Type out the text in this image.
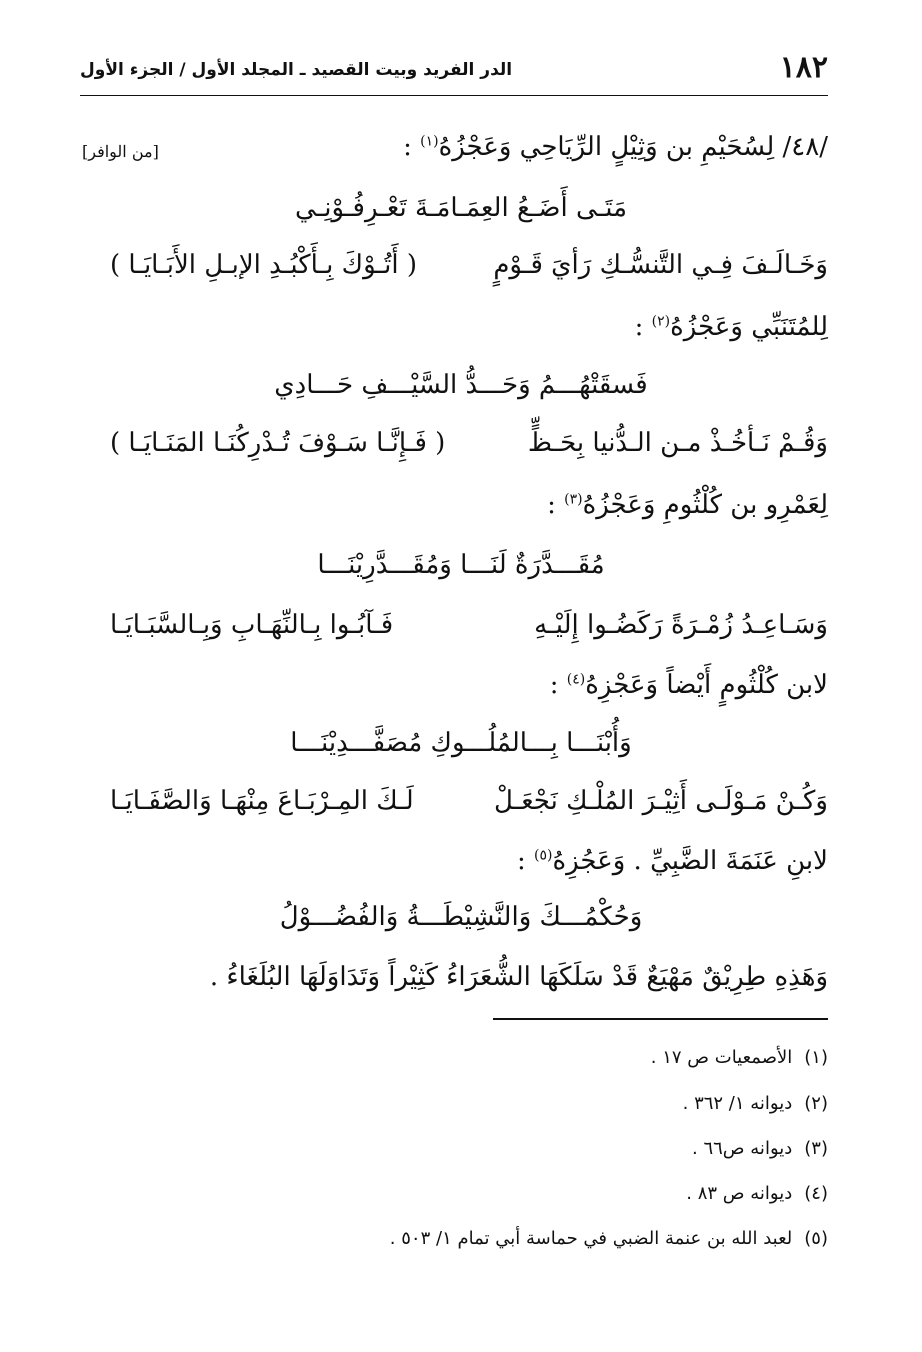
١٨٢
الدر الفريد وبيت القصيد ـ المجلد الأول / الجزء الأول
/٤٨/ لِسُحَيْمِ بن وَثِيْلٍ الرِّيَاحِي وَعَجْزُهُ$^{(١)}$ :
[من الوافر]
مَتَـى أَضَـعُ العِمَـامَـةَ تَعْـرِفُـوْنِـي
وَخَـالَـفَ فِـي التَّنسُّـكِ رَأيَ قَـوْمٍ
( أَتُـوْكَ بِـأَكْبُـدِ الإبـلِ الأَبَـايَـا )
لِلمُتَنَبِّي وَعَجْزُهُ$^{(٢)}$ :
فَسقَتْهُـــمُ وَحَـــدُّ السَّيْـــفِ حَـــادِي
وَقُـمْ نَـأخُـذْ مـن الـدُّنيا بِحَـظٍّ
( فَـإِنَّـا سَـوْفَ تُـدْرِكُنَـا المَنَـايَـا )
لِعَمْرِو بن كُلْثُومِ وَعَجْزُهُ$^{(٣)}$ :
مُقَـــدَّرَةٌ لَنَـــا وَمُقَـــدَّرِيْنَـــا
وَسَـاعِـدُ زُمْـرَةً رَكَضُـوا إِلَيْـهِ
فَـآبُـوا بِـالنِّهَـابِ وَبِـالسَّبَـايَـا
لابن كُلْثُومٍ أَيْضاً وَعَجْزِهُ$^{(٤)}$ :
وَأُبْنَـــا بِـــالمُلُـــوكِ مُصَفَّـــدِيْنَـــا
وَكُـنْ مَـوْلَـى أَثِيْـرَ المُلْـكِ نَجْعَـلْ
لَـكَ المِـرْبَـاعَ مِنْهَـا وَالصَّفَـايَـا
لابنِ عَنَمَةَ الضَّبِيِّ . وَعَجُزِهُ$^{(٥)}$ :
وَحُكْمُـــكَ وَالنَّشِيْطَـــةُ وَالفُضُـــوْلُ
وَهَذِهِ طِرِيْقٌ مَهْيَعٌ قَدْ سَلَكَهَا الشُّعَرَاءُ كَثِيْراً وَتَدَاوَلَهَا البُلَغَاءُ .
(١)الأصمعيات ص ١٧ .
(٢)ديوانه ١/ ٣٦٢ .
(٣)ديوانه ص٦٦ .
(٤)ديوانه ص ٨٣ .
(٥)لعبد الله بن عنمة الضبي في حماسة أبي تمام ١/ ٥٠٣ .
